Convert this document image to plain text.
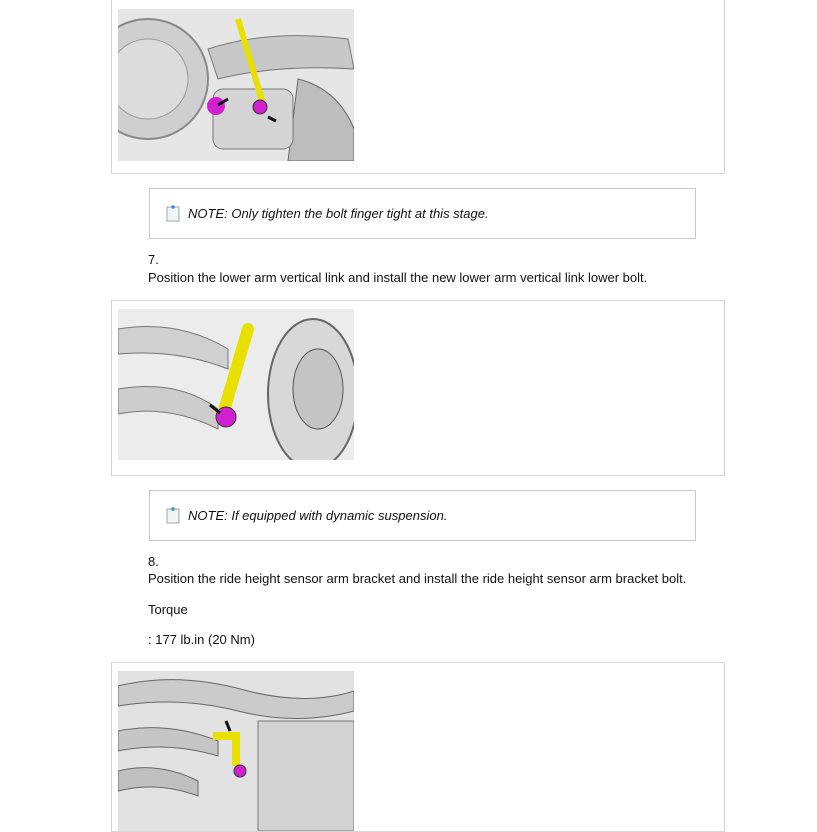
NOTE: Only tighten the bolt finger tight at this stage.
7.
Position the lower arm vertical link and install the new lower arm vertical link lower bolt.
NOTE: If equipped with dynamic suspension.
8.
Position the ride height sensor arm bracket and install the ride height sensor arm bracket bolt.
Torque
: 177 lb.in (20 Nm)
